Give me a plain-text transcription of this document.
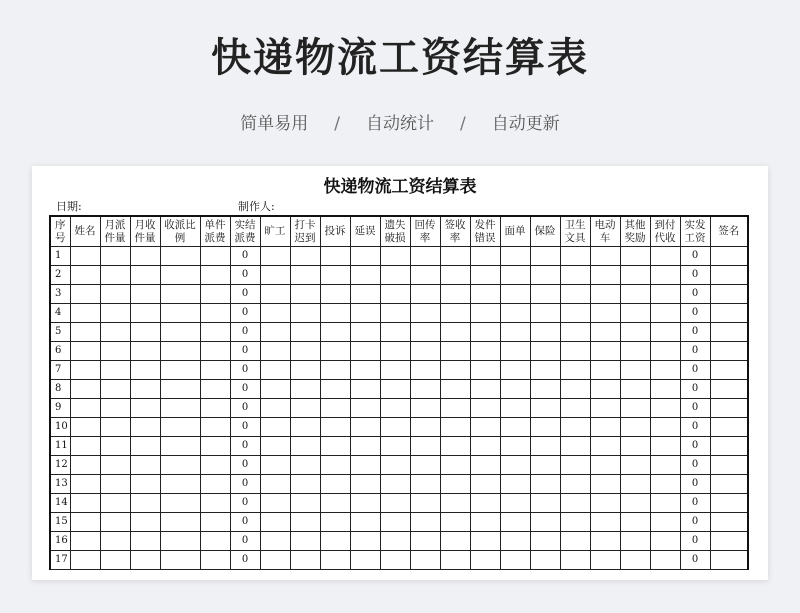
快递物流工资结算表
简单易用 / 自动统计 / 自动更新
快递物流工资结算表
日期:	制作人:
序号	姓名	月派件量	月收件量	收派比例	单件派费	实结派费	旷工	打卡迟到	投诉	延误	遗失破损	回传率	签收率	发件错误	面单	保险	卫生文具	电动车	其他奖励	到付代收	实发工资	签名
1						0															0	
2						0															0	
3						0															0	
4						0															0	
5						0															0	
6						0															0	
7						0															0	
8						0															0	
9						0															0	
10						0															0	
11						0															0	
12						0															0	
13						0															0	
14						0															0	
15						0															0	
16						0															0	
17						0															0	
